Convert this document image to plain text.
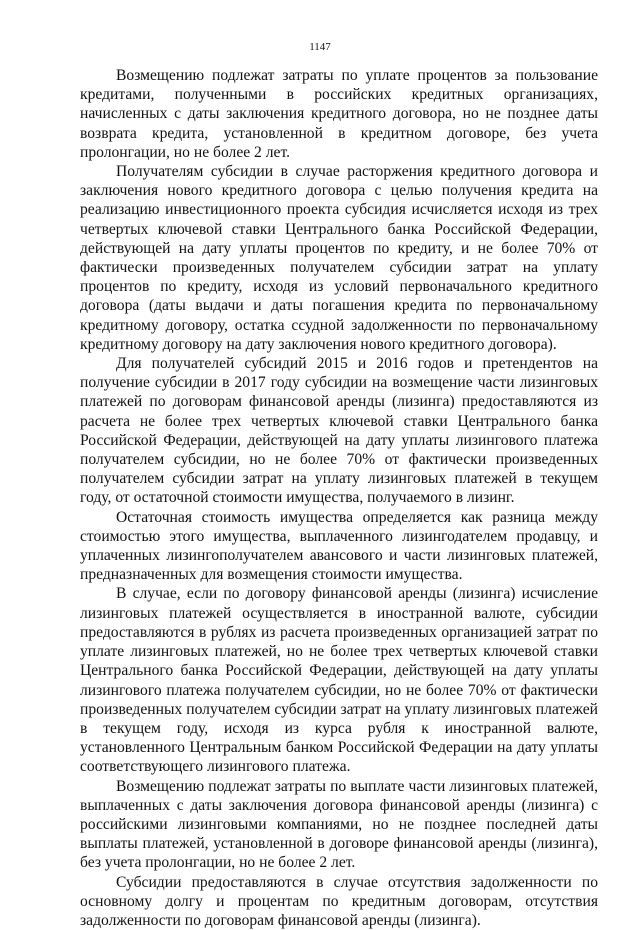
1147

Возмещению подлежат затраты по уплате процентов за пользование кредитами, полученными в российских кредитных организациях, начисленных с даты заключения кредитного договора, но не позднее даты возврата кредита, установленной в кредитном договоре, без учета пролонгации, но не более 2 лет.

Получателям субсидии в случае расторжения кредитного договора и заключения нового кредитного договора с целью получения кредита на реализацию инвестиционного проекта субсидия исчисляется исходя из трех четвертых ключевой ставки Центрального банка Российской Федерации, действующей на дату уплаты процентов по кредиту, и не более 70% от фактически произведенных получателем субсидии затрат на уплату процентов по кредиту, исходя из условий первоначального кредитного договора (даты выдачи и даты погашения кредита по первоначальному кредитному договору, остатка ссудной задолженности по первоначальному кредитному договору на дату заключения нового кредитного договора).

Для получателей субсидий 2015 и 2016 годов и претендентов на получение субсидии в 2017 году субсидии на возмещение части лизинговых платежей по договорам финансовой аренды (лизинга) предоставляются из расчета не более трех четвертых ключевой ставки Центрального банка Российской Федерации, действующей на дату уплаты лизингового платежа получателем субсидии, но не более 70% от фактически произведенных получателем субсидии затрат на уплату лизинговых платежей в текущем году, от остаточной стоимости имущества, получаемого в лизинг.

Остаточная стоимость имущества определяется как разница между стоимостью этого имущества, выплаченного лизингодателем продавцу, и уплаченных лизингополучателем авансового и части лизинговых платежей, предназначенных для возмещения стоимости имущества.

В случае, если по договору финансовой аренды (лизинга) исчисление лизинговых платежей осуществляется в иностранной валюте, субсидии предоставляются в рублях из расчета произведенных организацией затрат по уплате лизинговых платежей, но не более трех четвертых ключевой ставки Центрального банка Российской Федерации, действующей на дату уплаты лизингового платежа получателем субсидии, но не более 70% от фактически произведенных получателем субсидии затрат на уплату лизинговых платежей в текущем году, исходя из курса рубля к иностранной валюте, установленного Центральным банком Российской Федерации на дату уплаты соответствующего лизингового платежа.

Возмещению подлежат затраты по выплате части лизинговых платежей, выплаченных с даты заключения договора финансовой аренды (лизинга) с российскими лизинговыми компаниями, но не позднее последней даты выплаты платежей, установленной в договоре финансовой аренды (лизинга), без учета пролонгации, но не более 2 лет.

Субсидии предоставляются в случае отсутствия задолженности по основному долгу и процентам по кредитным договорам, отсутствия задолженности по договорам финансовой аренды (лизинга).
